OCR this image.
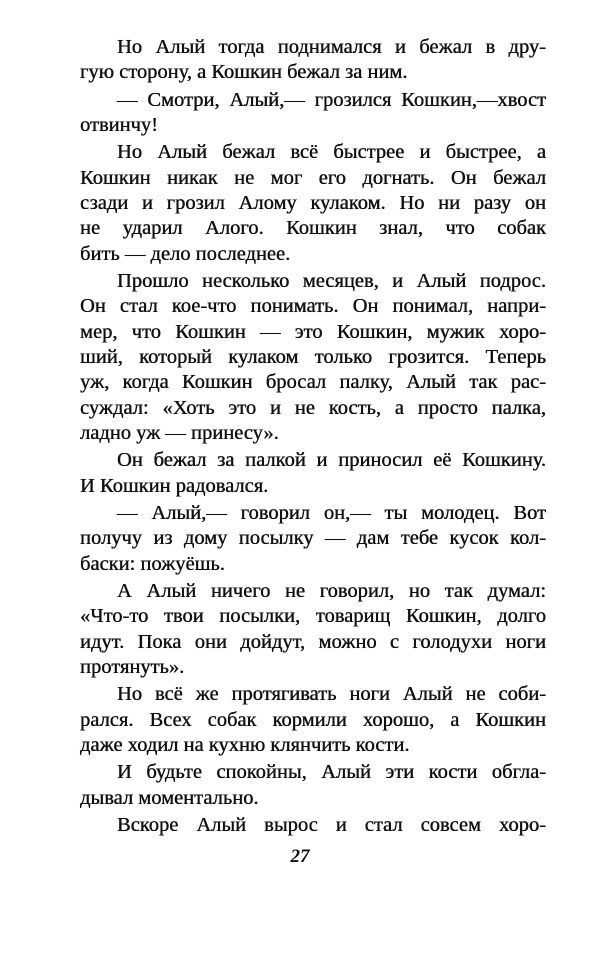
Но Алый тогда поднимался и бежал в дру-
гую сторону, а Кошкин бежал за ним.
— Смотри, Алый,— грозился Кошкин,—хвост
отвинчу!
Но Алый бежал всё быстрее и быстрее, а
Кошкин никак не мог его догнать. Он бежал
сзади и грозил Алому кулаком. Но ни разу он
не ударил Алого. Кошкин знал, что собак
бить — дело последнее.
Прошло несколько месяцев, и Алый подрос.
Он стал кое-что понимать. Он понимал, напри-
мер, что Кошкин — это Кошкин, мужик хоро-
ший, который кулаком только грозится. Теперь
уж, когда Кошкин бросал палку, Алый так рас-
суждал: «Хоть это и не кость, а просто палка,
ладно уж — принесу».
Он бежал за палкой и приносил её Кошкину.
И Кошкин радовался.
— Алый,— говорил он,— ты молодец. Вот
получу из дому посылку — дам тебе кусок кол-
баски: пожуёшь.
А Алый ничего не говорил, но так думал:
«Что-то твои посылки, товарищ Кошкин, долго
идут. Пока они дойдут, можно с голодухи ноги
протянуть».
Но всё же протягивать ноги Алый не соби-
рался. Всех собак кормили хорошо, а Кошкин
даже ходил на кухню клянчить кости.
И будьте спокойны, Алый эти кости обгла-
дывал моментально.
Вскоре Алый вырос и стал совсем хоро-
27
